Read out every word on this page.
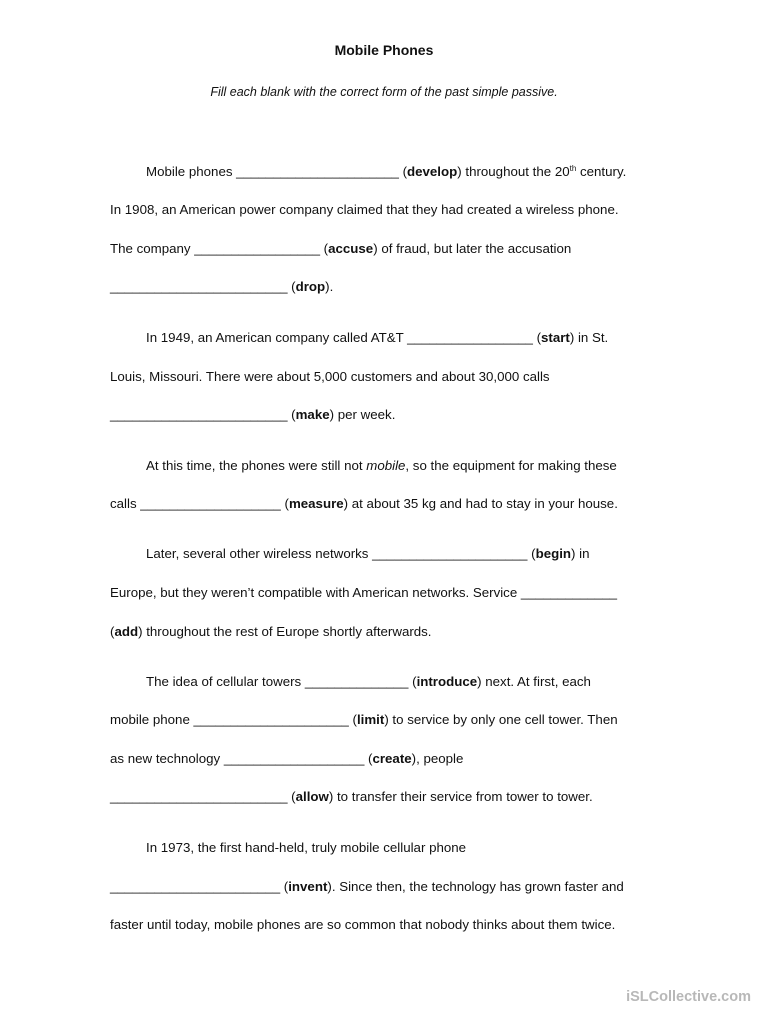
Mobile Phones
Fill each blank with the correct form of the past simple passive.
Mobile phones ______________________ (develop) throughout the 20th century.
In 1908, an American power company claimed that they had created a wireless phone.
The company _________________ (accuse) of fraud, but later the accusation
________________________ (drop).
In 1949, an American company called AT&T _________________ (start) in St.
Louis, Missouri. There were about 5,000 customers and about 30,000 calls
________________________ (make) per week.
At this time, the phones were still not mobile, so the equipment for making these
calls ___________________ (measure) at about 35 kg and had to stay in your house.
Later, several other wireless networks _____________________ (begin) in
Europe, but they weren’t compatible with American networks. Service _____________
(add) throughout the rest of Europe shortly afterwards.
The idea of cellular towers ______________ (introduce) next. At first, each
mobile phone _____________________ (limit) to service by only one cell tower. Then
as new technology ___________________ (create), people
________________________ (allow) to transfer their service from tower to tower.
In 1973, the first hand-held, truly mobile cellular phone
_______________________ (invent). Since then, the technology has grown faster and
faster until today, mobile phones are so common that nobody thinks about them twice.
iSLCollective.com
